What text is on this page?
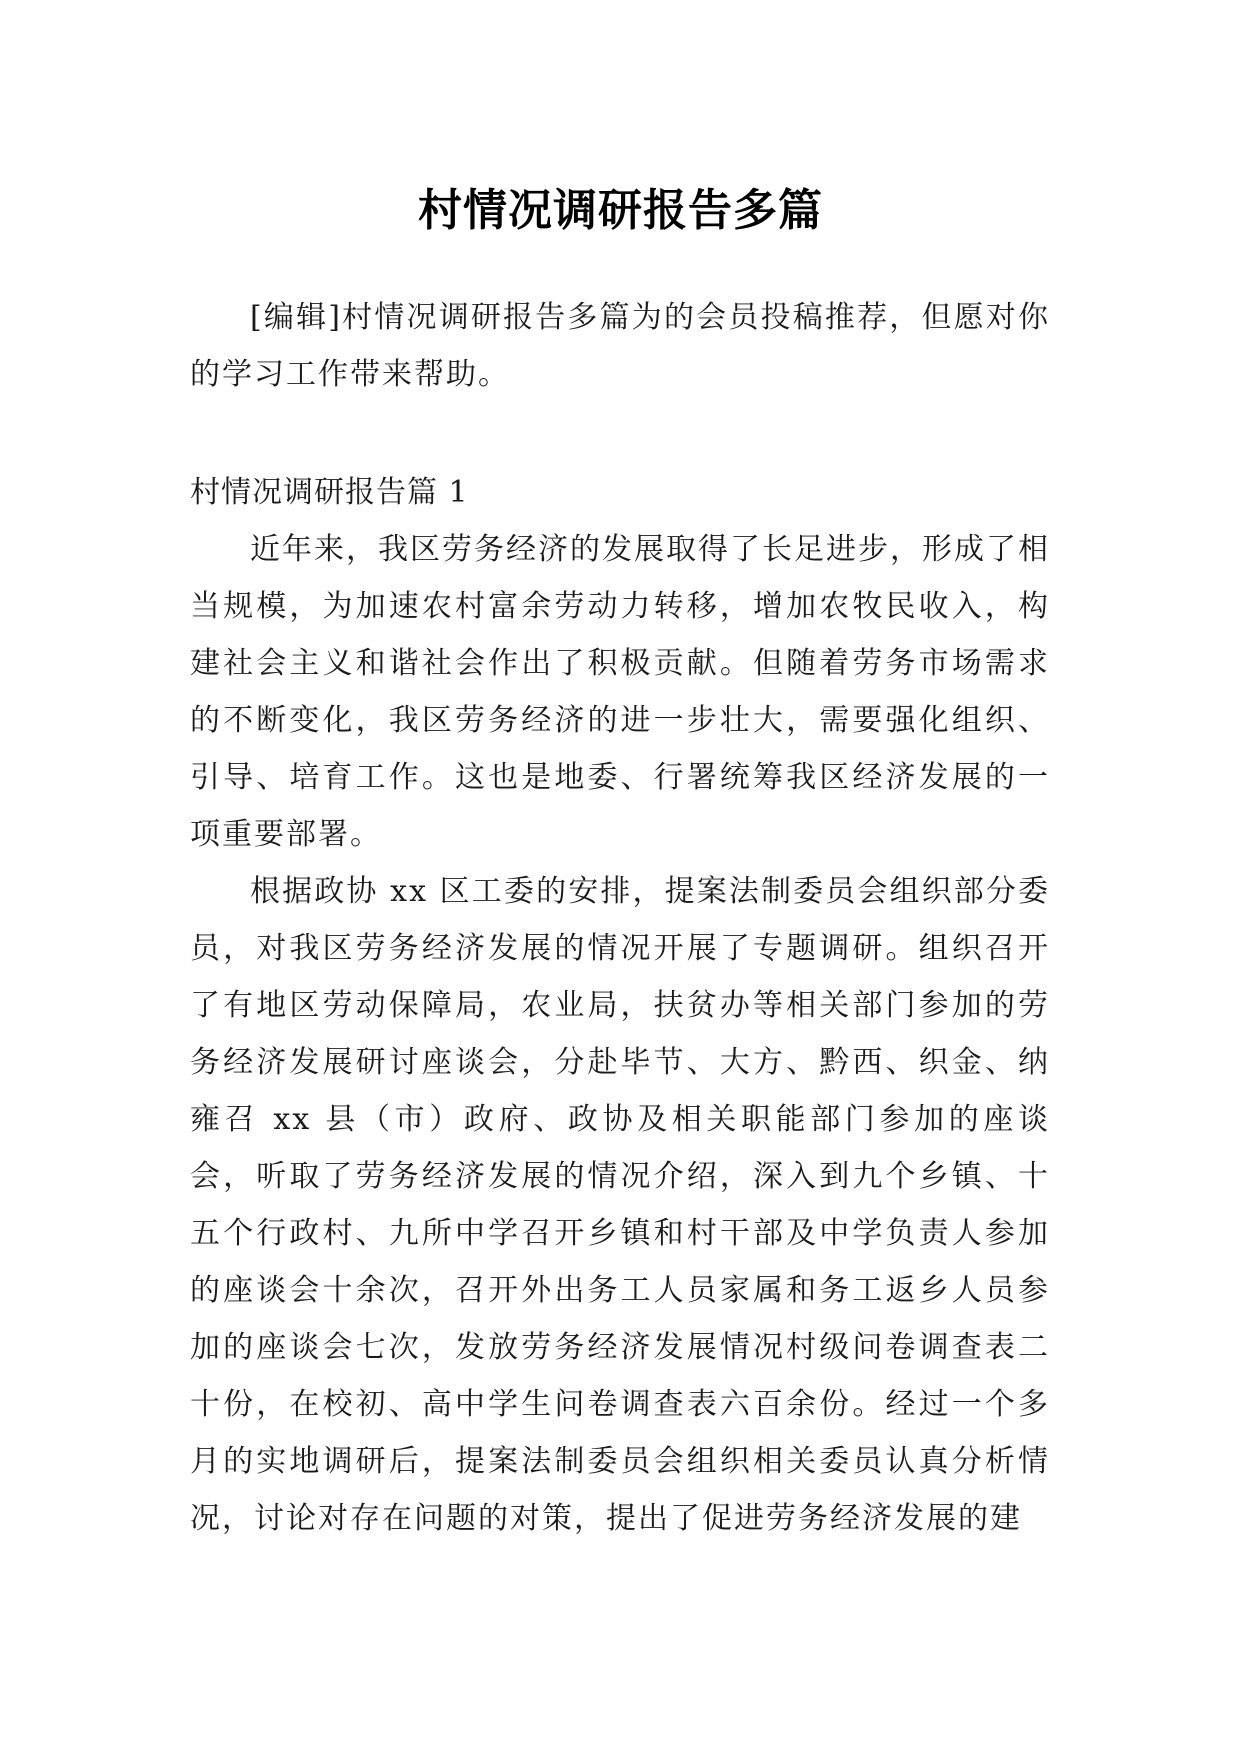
村情况调研报告多篇

[编辑]村情况调研报告多篇为的会员投稿推荐，但愿对你的学习工作带来帮助。

村情况调研报告篇 1

近年来，我区劳务经济的发展取得了长足进步，形成了相当规模，为加速农村富余劳动力转移，增加农牧民收入，构建社会主义和谐社会作出了积极贡献。但随着劳务市场需求的不断变化，我区劳务经济的进一步壮大，需要强化组织、引导、培育工作。这也是地委、行署统筹我区经济发展的一项重要部署。

根据政协 xx 区工委的安排，提案法制委员会组织部分委员，对我区劳务经济发展的情况开展了专题调研。组织召开了有地区劳动保障局，农业局，扶贫办等相关部门参加的劳务经济发展研讨座谈会，分赴毕节、大方、黔西、织金、纳雍召 xx 县（市）政府、政协及相关职能部门参加的座谈会，听取了劳务经济发展的情况介绍，深入到九个乡镇、十五个行政村、九所中学召开乡镇和村干部及中学负责人参加的座谈会十余次，召开外出务工人员家属和务工返乡人员参加的座谈会七次，发放劳务经济发展情况村级问卷调查表二十份，在校初、高中学生问卷调查表六百余份。经过一个多月的实地调研后，提案法制委员会组织相关委员认真分析情况，讨论对存在问题的对策，提出了促进劳务经济发展的建
